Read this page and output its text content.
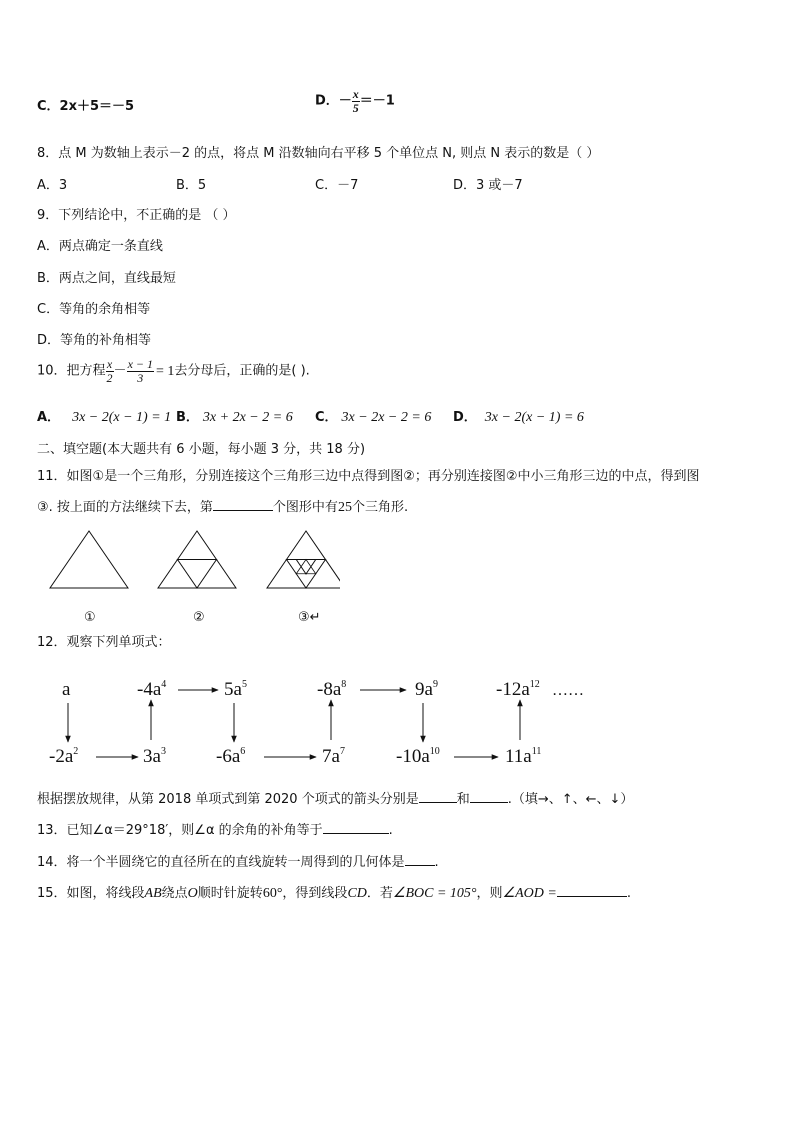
C．2x＋5＝－5	D．－ $\frac{x}{5} =-1$
8．点 M 为数轴上表示－2 的点，将点 M 沿数轴向右平移 5 个单位点 N, 则点 N 表示的数是（ ）
A．3	B．5	C．－7	D．3 或－7
9．下列结论中，不正确的是 （ ）
A．两点确定一条直线
B．两点之间，直线最短
C．等角的余角相等
D．等角的补角相等
10．把方程 $\frac{x}{2} - \frac{x - 1}{3} = 1$去分母后，正确的是( ).
A． 3x − 2(x − 1) = 1 B． 3x + 2x − 2 = 6 C． 3x − 2x − 2 = 6 D． 3x − 2(x − 1) = 6
二、填空题(本大题共有 6 小题，每小题 3 分，共 18 分)
11．如图①是一个三角形，分别连接这个三角形三边中点得到图②；再分别连接图②中小三角形三边的中点，得到图
③. 按上面的方法继续下去，第	个图形中有25个三角形.
①	②	③↵
12．观察下列单项式：
a	$-4a^4$	$5a^5$	$-8a^8$	$9a^9$	$-12a^{12}$
$-2a^2$	$3a^3$	$-6a^6$	$7a^7$	$-10a^{10}$	$11a^{11}$
……
根据摆放规律，从第 2018 单项式到第 2020 个项式的箭头分别是	和	.（填→、↑、←、↓）
13．已知∠α＝29°18′，则∠α 的余角的补角等于	.
14．将一个半圆绕它的直径所在的直线旋转一周得到的几何体是 .
15．如图，将线段AB绕点O顺时针旋转60°，得到线段CD．若∠BOC = 105°，则∠AOD =	.
